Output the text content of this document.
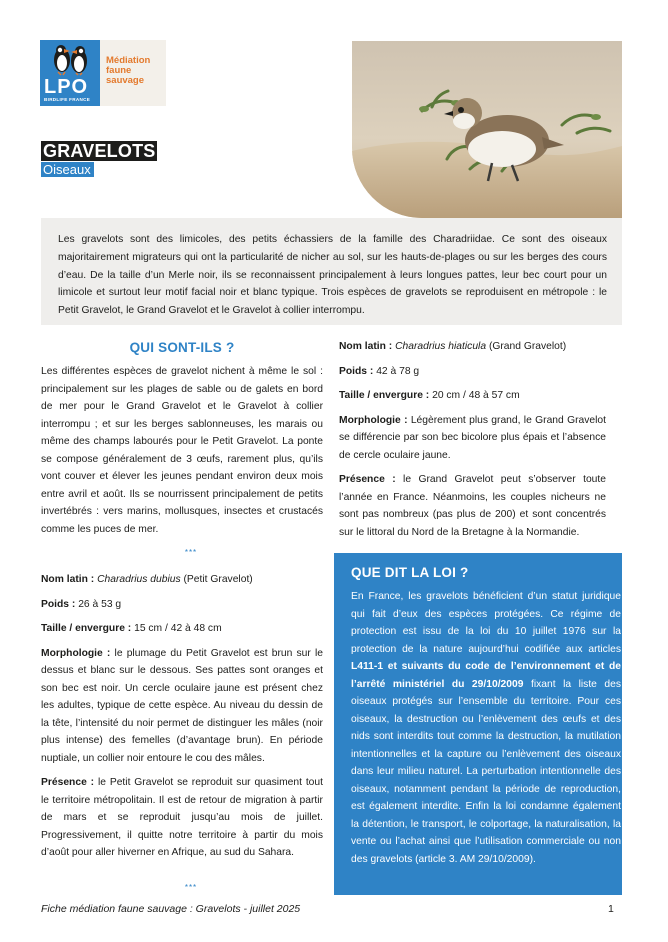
LPO
BIRDLIFE FRANCE
Médiation
faune
sauvage
GRAVELOTS
Oiseaux
Les gravelots sont des limicoles, des petits échassiers de la famille des Charadriidae. Ce sont des oiseaux majoritairement migrateurs qui ont la particularité de nicher au sol, sur les hauts-de-plages ou sur les berges des cours d’eau. De la taille d’un Merle noir, ils se reconnaissent principalement à leurs longues pattes, leur bec court pour un limicole et surtout leur motif facial noir et blanc typique. Trois espèces de gravelots se reproduisent en métropole : le Petit Gravelot, le Grand Gravelot et le Gravelot à collier interrompu.
QUI SONT-ILS ?

Les différentes espèces de gravelot nichent à même le sol : principalement sur les plages de sable ou de galets en bord de mer pour le Grand Gravelot et le Gravelot à collier interrompu ; et sur les berges sablonneuses, les marais ou même des champs labourés pour le Petit Gravelot. La ponte se compose généralement de 3 œufs, rarement plus, qu’ils vont couver et élever les jeunes pendant environ deux mois entre avril et août. Ils se nourrissent principalement de petits invertébrés : vers marins, mollusques, insectes et crustacés comme les puces de mer.

***

Nom latin : Charadrius dubius (Petit Gravelot)

Poids : 26 à 53 g

Taille / envergure : 15 cm / 42 à 48 cm

Morphologie : le plumage du Petit Gravelot est brun sur le dessus et blanc sur le dessous. Ses pattes sont oranges et son bec est noir. Un cercle oculaire jaune est présent chez les adultes, typique de cette espèce. Au niveau du dessin de la tête, l’intensité du noir permet de distinguer les mâles (noir plus intense) des femelles (d’avantage brun). En période nuptiale, un collier noir entoure le cou des mâles.

Présence : le Petit Gravelot se reproduit sur quasiment tout le territoire métropolitain. Il est de retour de migration à partir de mars et se reproduit jusqu’au mois de juillet. Progressivement, il quitte notre territoire à partir du mois d’août pour aller hiverner en Afrique, au sud du Sahara.

***

Nom latin : Charadrius hiaticula (Grand Gravelot)

Poids : 42 à 78 g

Taille / envergure : 20 cm / 48 à 57 cm

Morphologie : Légèrement plus grand, le Grand Gravelot se différencie par son bec bicolore plus épais et l’absence de cercle oculaire jaune.

Présence : le Grand Gravelot peut s’observer toute l’année en France. Néanmoins, les couples nicheurs ne sont pas nombreux (pas plus de 200) et sont concentrés sur le littoral du Nord de la Bretagne à la Normandie.

QUE DIT LA LOI ?
En France, les gravelots bénéficient d’un statut juridique qui fait d’eux des espèces protégées. Ce régime de protection est issu de la loi du 10 juillet 1976 sur la protection de la nature aujourd’hui codifiée aux articles L411-1 et suivants du code de l’environnement et de l’arrêté ministériel du 29/10/2009 fixant la liste des oiseaux protégés sur l’ensemble du territoire. Pour ces oiseaux, la destruction ou l’enlèvement des œufs et des nids sont interdits tout comme la destruction, la mutilation intentionnelles et la capture ou l’enlèvement des oiseaux dans leur milieu naturel. La perturbation intentionnelle des oiseaux, notamment pendant la période de reproduction, est également interdite. Enfin la loi condamne également la détention, le transport, le colportage, la naturalisation, la vente ou l’achat ainsi que l’utilisation commerciale ou non des gravelots (article 3. AM 29/10/2009).
Fiche médiation faune sauvage : Gravelots - juillet 2025	1
